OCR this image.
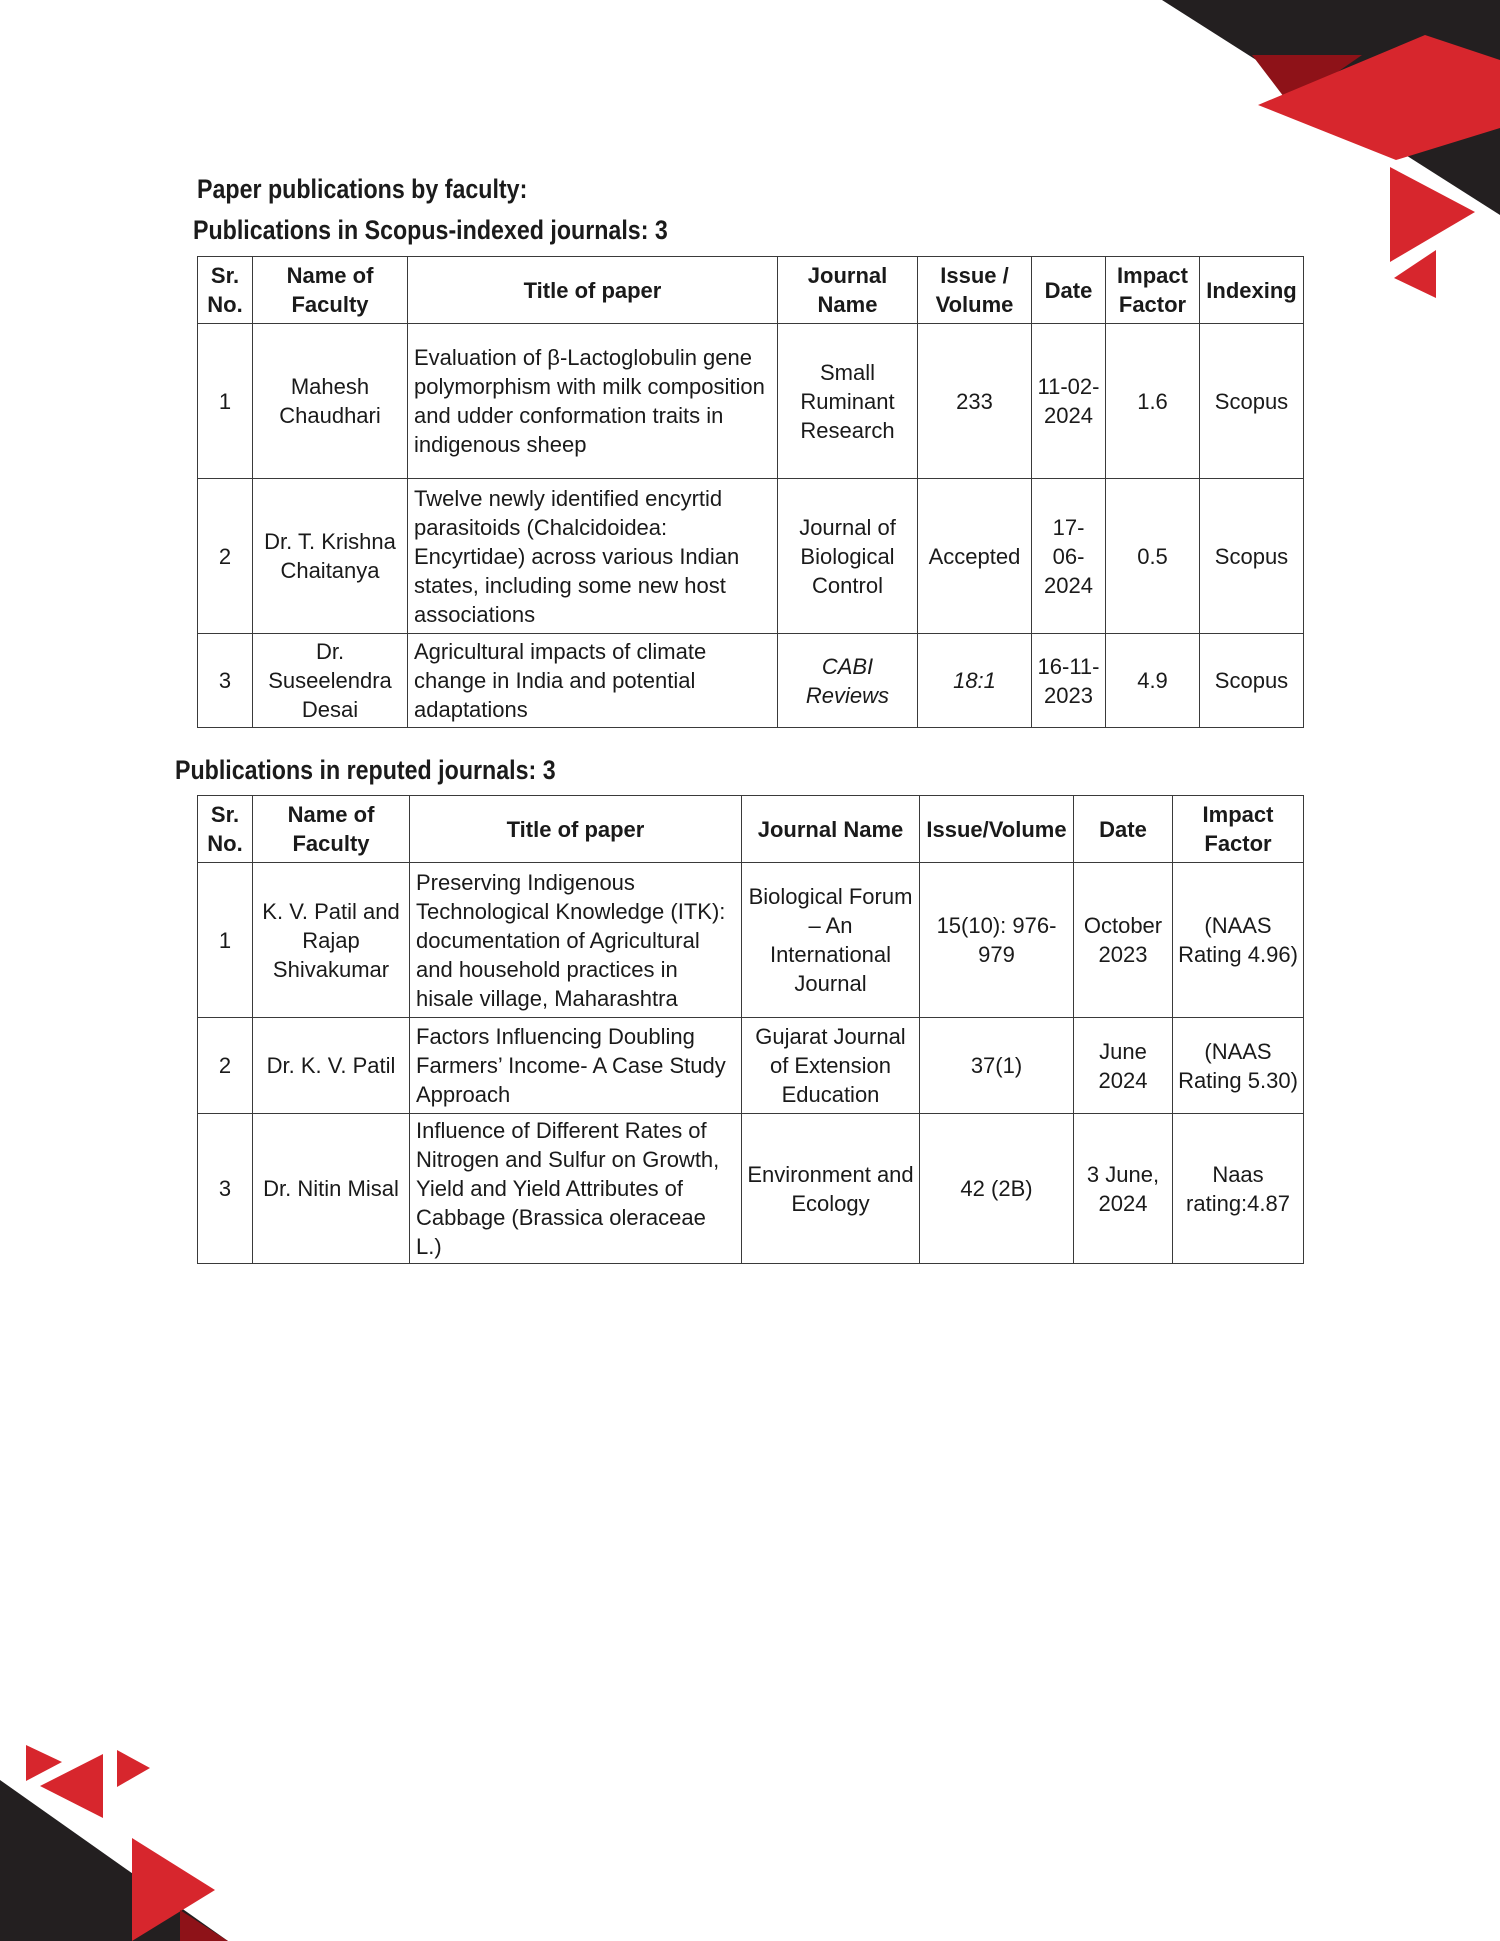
Paper publications by faculty:
Publications in Scopus-indexed journals: 3
Sr. No.	Name of Faculty	Title of paper	Journal Name	Issue / Volume	Date	Impact Factor	Indexing
1	Mahesh Chaudhari	Evaluation of β-Lactoglobulin gene polymorphism with milk composition and udder conformation traits in indigenous sheep	Small Ruminant Research	233	11-02-2024	1.6	Scopus
2	Dr. T. Krishna Chaitanya	Twelve newly identified encyrtid parasitoids (Chalcidoidea: Encyrtidae) across various Indian states, including some new host associations	Journal of Biological Control	Accepted	17-06-2024	0.5	Scopus
3	Dr. Suseelendra Desai	Agricultural impacts of climate change in India and potential adaptations	CABI Reviews	18:1	16-11-2023	4.9	Scopus
Publications in reputed journals: 3
Sr. No.	Name of Faculty	Title of paper	Journal Name	Issue/Volume	Date	Impact Factor
1	K. V. Patil and Rajap Shivakumar	Preserving Indigenous Technological Knowledge (ITK): documentation of Agricultural and household practices in hisale village, Maharashtra	Biological Forum – An International Journal	15(10): 976-979	October 2023	(NAAS Rating 4.96)
2	Dr. K. V. Patil	Factors Influencing Doubling Farmers’ Income- A Case Study Approach	Gujarat Journal of Extension Education	37(1)	June 2024	(NAAS Rating 5.30)
3	Dr. Nitin Misal	Influence of Different Rates of Nitrogen and Sulfur on Growth, Yield and Yield Attributes of Cabbage (Brassica oleraceae L.)	Environment and Ecology	42 (2B)	3 June, 2024	Naas rating:4.87
